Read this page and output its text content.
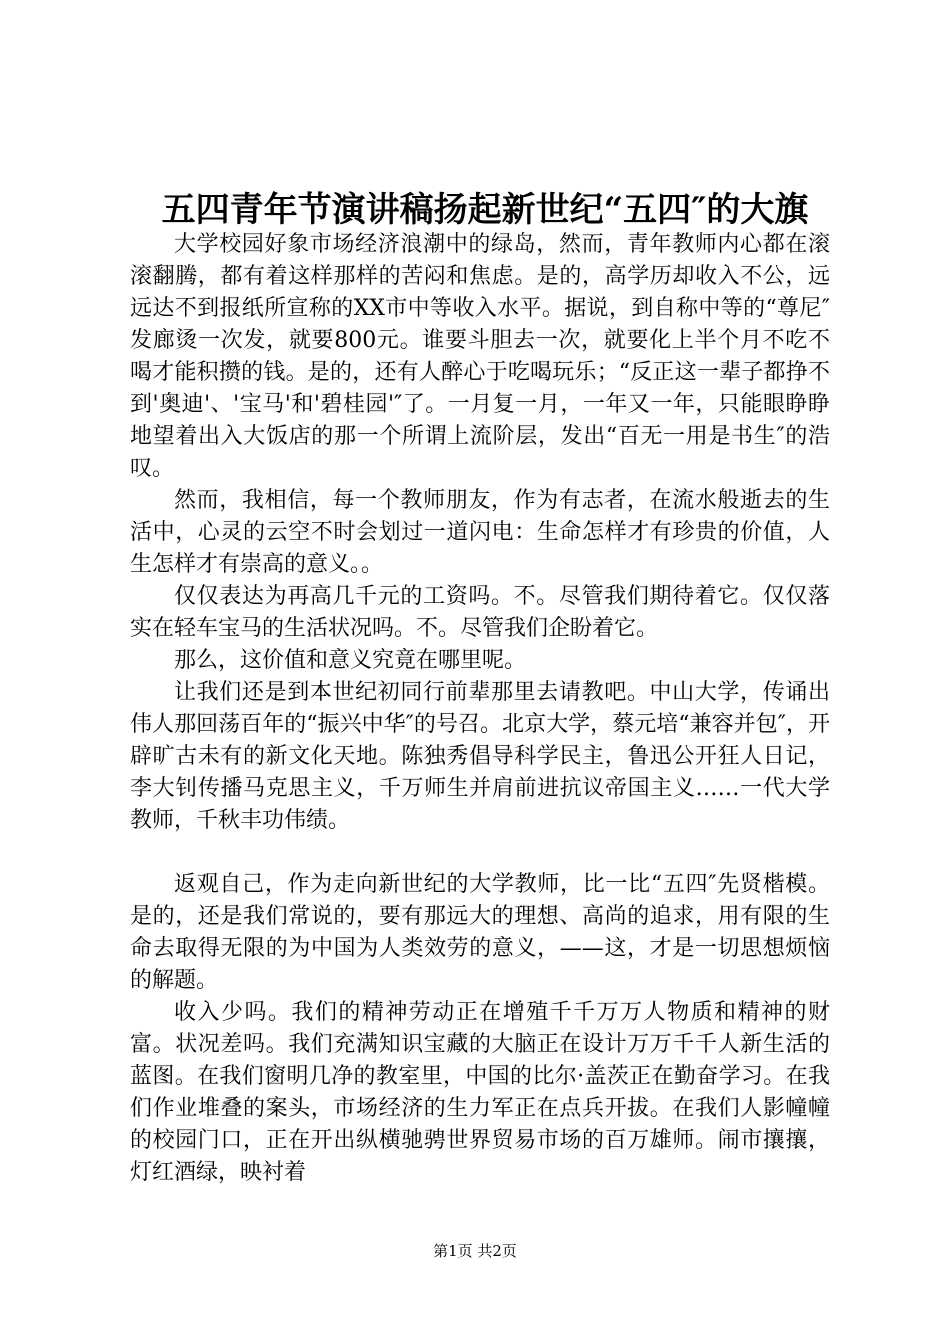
五四青年节演讲稿扬起新世纪“五四″的大旗

大学校园好象市场经济浪潮中的绿岛，然而，青年教师内心都在滚滚翻腾，都有着这样那样的苦闷和焦虑。是的，高学历却收入不公，远远达不到报纸所宣称的XX市中等收入水平。据说，到自称中等的“尊尼″发廊烫一次发，就要800元。谁要斗胆去一次，就要化上半个月不吃不喝才能积攒的钱。是的，还有人醉心于吃喝玩乐；“反正这一辈子都挣不到'奥迪'、'宝马'和'碧桂园'″了。一月复一月，一年又一年，只能眼睁睁地望着出入大饭店的那一个所谓上流阶层，发出“百无一用是书生″的浩叹。

然而，我相信，每一个教师朋友，作为有志者，在流水般逝去的生活中，心灵的云空不时会划过一道闪电：生命怎样才有珍贵的价值，人生怎样才有崇高的意义。。

仅仅表达为再高几千元的工资吗。不。尽管我们期待着它。仅仅落实在轻车宝马的生活状况吗。不。尽管我们企盼着它。

那么，这价值和意义究竟在哪里呢。

让我们还是到本世纪初同行前辈那里去请教吧。中山大学，传诵出伟人那回荡百年的“振兴中华″的号召。北京大学，蔡元培“兼容并包″，开辟旷古未有的新文化天地。陈独秀倡导科学民主，鲁迅公开狂人日记，李大钊传播马克思主义，千万师生并肩前进抗议帝国主义……一代大学教师，千秋丰功伟绩。

返观自己，作为走向新世纪的大学教师，比一比“五四″先贤楷模。是的，还是我们常说的，要有那远大的理想、高尚的追求，用有限的生命去取得无限的为中国为人类效劳的意义，——这，才是一切思想烦恼的解题。

收入少吗。我们的精神劳动正在增殖千千万万人物质和精神的财富。状况差吗。我们充满知识宝藏的大脑正在设计万万千千人新生活的蓝图。在我们窗明几净的教室里，中国的比尔·盖茨正在勤奋学习。在我们作业堆叠的案头，市场经济的生力军正在点兵开拔。在我们人影幢幢的校园门口，正在开出纵横驰骋世界贸易市场的百万雄师。闹市攘攘，灯红酒绿，映衬着

第1页 共2页
